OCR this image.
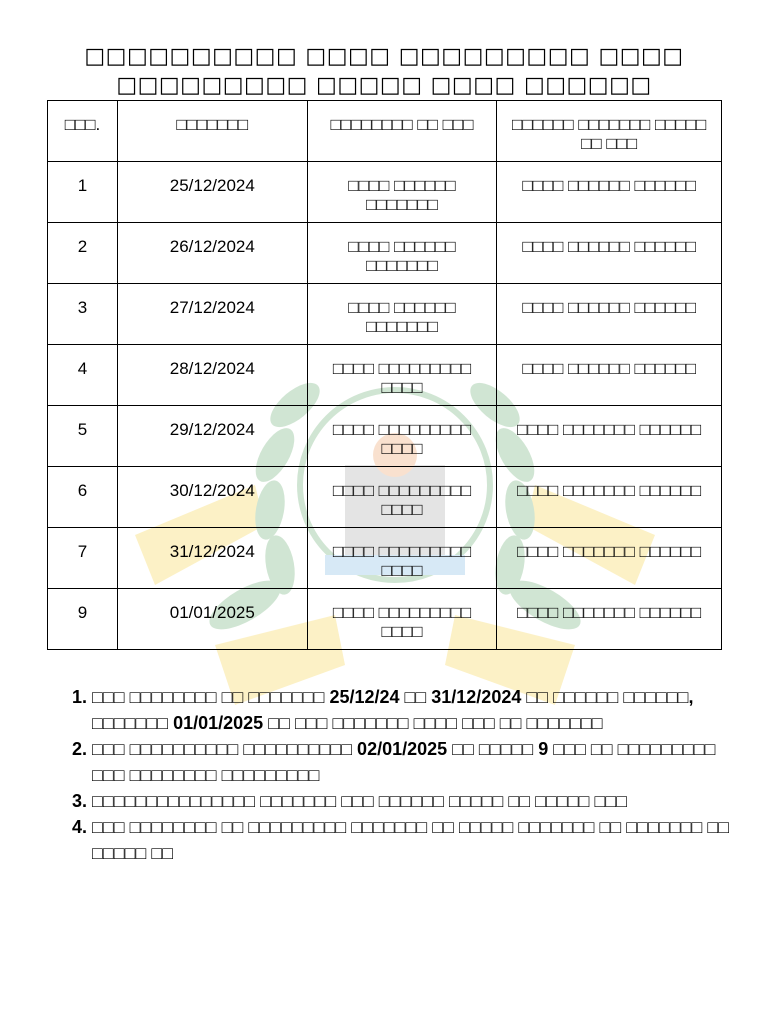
□□□□□□□□□□ □□□□ □□□□□□□□□ □□□□
□□□□□□□□□ □□□□□ □□□□ □□□□□□
□□□.	□□□□□□□	□□□□□□□□ □□ □□□	□□□□□□ □□□□□□□ □□□□□ □□ □□□
1	25/12/2024	□□□□ □□□□□□ □□□□□□□	□□□□ □□□□□□ □□□□□□
2	26/12/2024	□□□□ □□□□□□ □□□□□□□	□□□□ □□□□□□ □□□□□□
3	27/12/2024	□□□□ □□□□□□ □□□□□□□	□□□□ □□□□□□ □□□□□□
4	28/12/2024	□□□□ □□□□□□□□□ □□□□	□□□□ □□□□□□ □□□□□□
5	29/12/2024	□□□□ □□□□□□□□□ □□□□	□□□□ □□□□□□□ □□□□□□
6	30/12/2024	□□□□ □□□□□□□□□ □□□□	□□□□ □□□□□□□ □□□□□□
7	31/12/2024	□□□□ □□□□□□□□□ □□□□	□□□□ □□□□□□□ □□□□□□
9	01/01/2025	□□□□ □□□□□□□□□ □□□□	□□□□ □□□□□□□ □□□□□□
1. □□□ □□□□□□□□ □□ □□□□□□□ 25/12/24 □□ 31/12/2024 □□ □□□□□□ □□□□□□, □□□□□□□ 01/01/2025 □□ □□□ □□□□□□□ □□□□ □□□ □□ □□□□□□□
2. □□□ □□□□□□□□□□ □□□□□□□□□□ 02/01/2025 □□ □□□□□ 9 □□□ □□ □□□□□□□□□ □□□ □□□□□□□□ □□□□□□□□□
3. □□□□□□□□□□□□□□□ □□□□□□□ □□□ □□□□□□ □□□□□ □□ □□□□□ □□□
4. □□□ □□□□□□□□ □□ □□□□□□□□□ □□□□□□□ □□ □□□□□ □□□□□□□ □□ □□□□□□□ □□ □□□□□ □□
